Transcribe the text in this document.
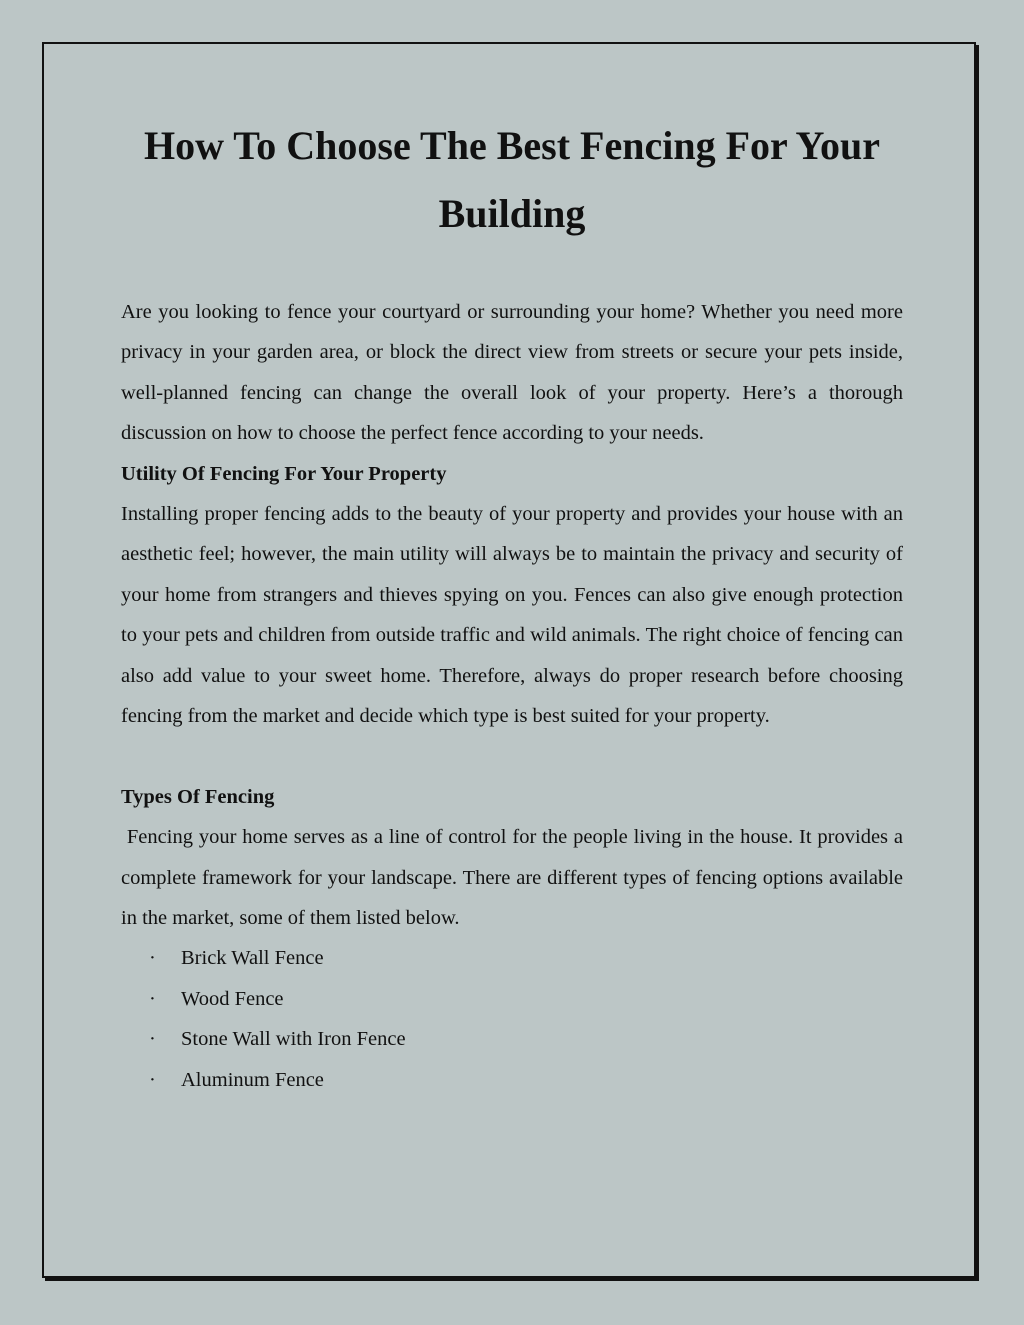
How To Choose The Best Fencing For Your Building

Are you looking to fence your courtyard or surrounding your home? Whether you need more privacy in your garden area, or block the direct view from streets or secure your pets inside, well-planned fencing can change the overall look of your property. Here’s a thorough discussion on how to choose the perfect fence according to your needs.

Utility Of Fencing For Your Property

Installing proper fencing adds to the beauty of your property and provides your house with an aesthetic feel; however, the main utility will always be to maintain the privacy and security of your home from strangers and thieves spying on you. Fences can also give enough protection to your pets and children from outside traffic and wild animals. The right choice of fencing can also add value to your sweet home. Therefore, always do proper research before choosing fencing from the market and decide which type is best suited for your property.

Types Of Fencing

Fencing your home serves as a line of control for the people living in the house. It provides a complete framework for your landscape. There are different types of fencing options available in the market, some of them listed below.

· Brick Wall Fence
· Wood Fence
· Stone Wall with Iron Fence
· Aluminum Fence
